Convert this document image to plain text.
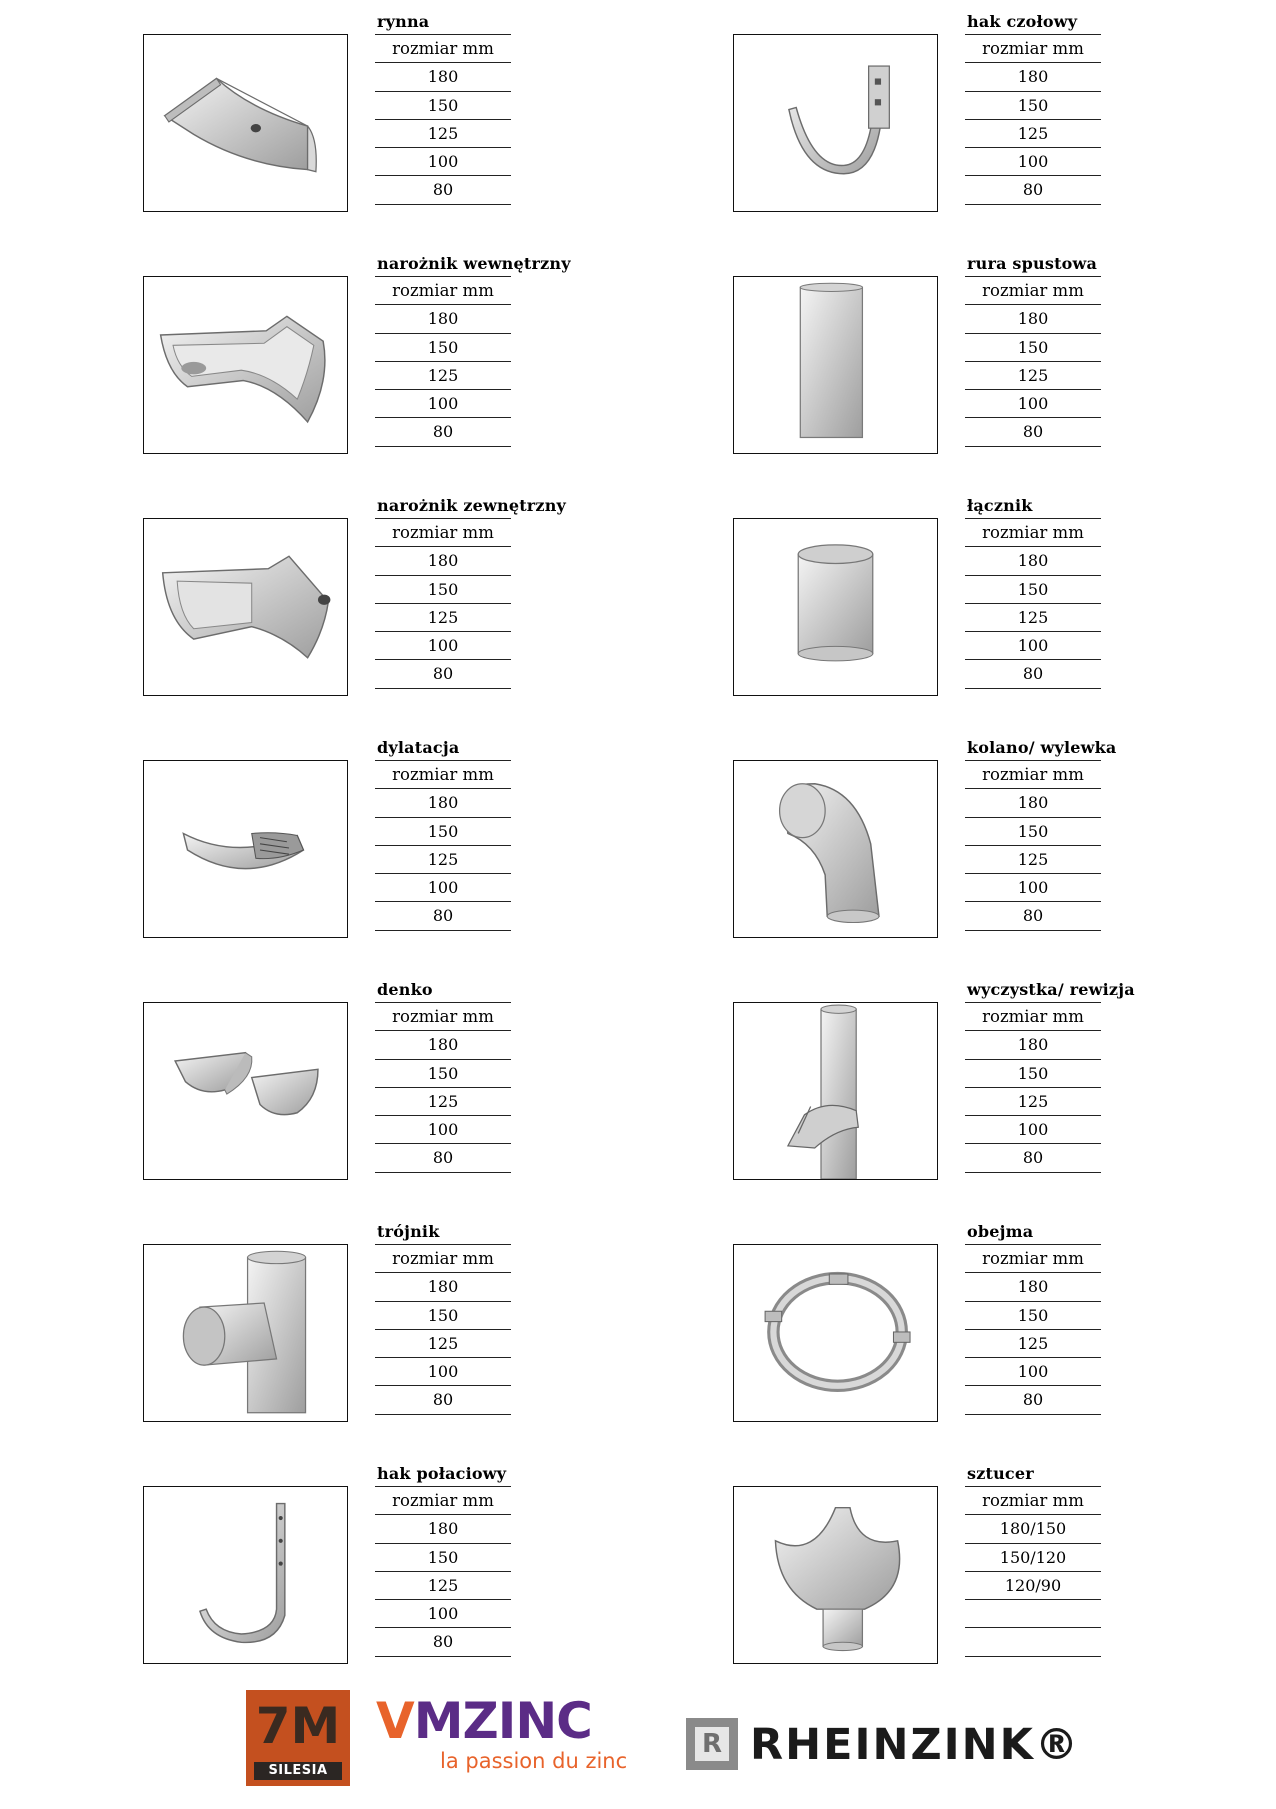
rynna
rozmiar mm
180
150
125
100
80
hak czołowy
rozmiar mm
180
150
125
100
80
narożnik wewnętrzny
rozmiar mm
180
150
125
100
80
rura spustowa
rozmiar mm
180
150
125
100
80
narożnik zewnętrzny
rozmiar mm
180
150
125
100
80
łącznik
rozmiar mm
180
150
125
100
80
dylatacja
rozmiar mm
180
150
125
100
80
kolano/ wylewka
rozmiar mm
180
150
125
100
80
denko
rozmiar mm
180
150
125
100
80
wyczystka/ rewizja
rozmiar mm
180
150
125
100
80
trójnik
rozmiar mm
180
150
125
100
80
obejma
rozmiar mm
180
150
125
100
80
hak połaciowy
rozmiar mm
180
150
125
100
80
sztucer
rozmiar mm
180/150
150/120
120/90
7M
SILESIA
VMZINC
la passion du zinc
R RHEINZINK®
